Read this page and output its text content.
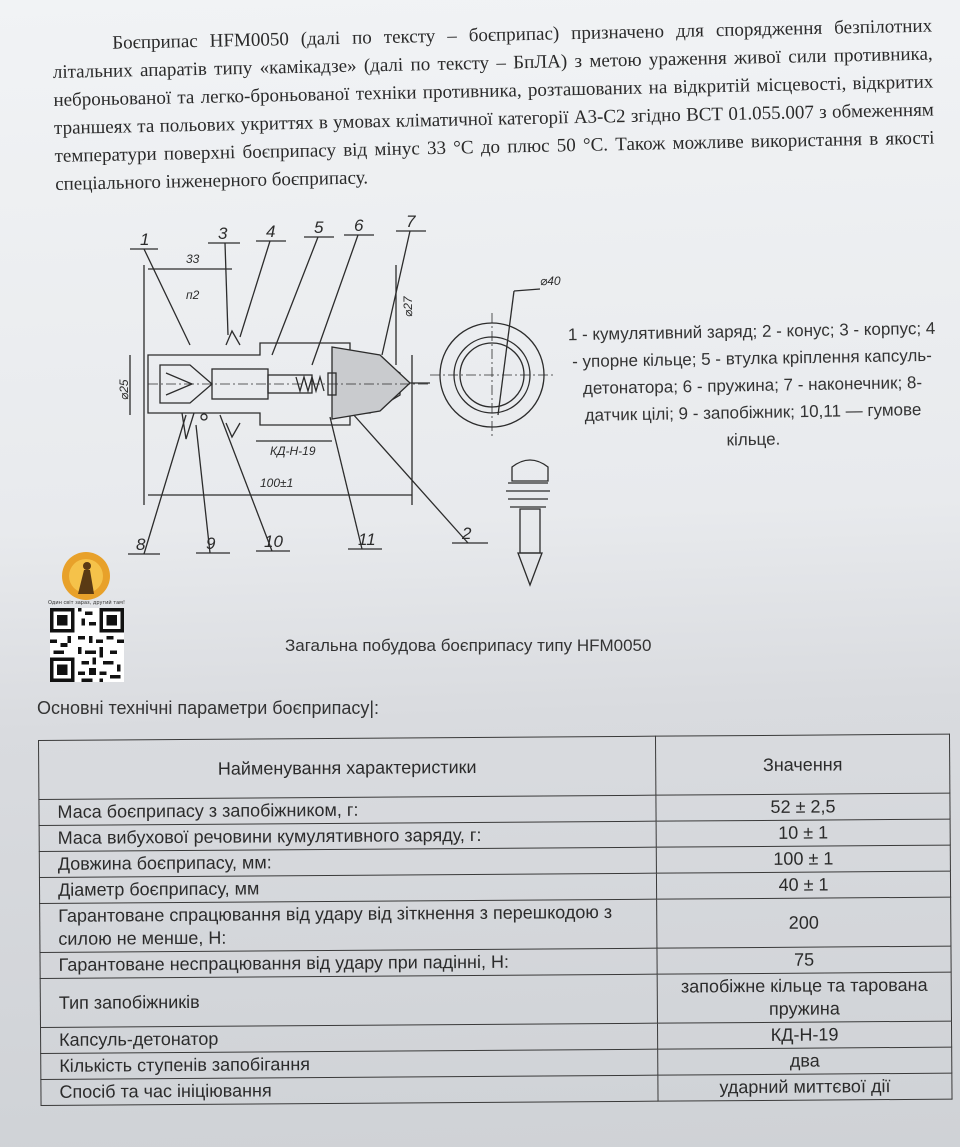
Боєприпас HFM0050 (далі по тексту – боєприпас) призначено для спорядження безпілотних літальних апаратів типу «камікадзе» (далі по тексту – БпЛА) з метою ураження живої сили противника, неброньованої та легко-броньованої техніки противника, розташованих на відкритій місцевості, відкритих траншеях та польових укриттях в умовах кліматичної категорії А3-С2 згідно ВСТ 01.055.007 з обмеженням температури поверхні боєприпасу від мінус 33 °С до плюс 50 °С. Також можливе використання в якості спеціального інженерного боєприпасу.

1	3 4 5 6	7
8	9	10	11	2
33
п2
⌀25
⌀27
⌀40
КД-Н-19
100±1
1 - кумулятивний заряд; 2 - конус; 3 - корпус; 4 - упорне кільце; 5 - втулка кріплення капсуль-детонатора; 6 - пружина; 7 - наконечник; 8- датчик цілі; 9 - запобіжник; 10,11 — гумове кільце.
Один світ зараз, другий там!
Загальна побудова боєприпасу типу HFM0050
Основні технічні параметри боєприпасу|:
Найменування характеристики	Значення
Маса боєприпасу з запобіжником, г:	52 ± 2,5
Маса вибухової речовини кумулятивного заряду, г:	10 ± 1
Довжина боєприпасу, мм:	100 ± 1
Діаметр боєприпасу, мм	40 ± 1
Гарантоване спрацювання від удару від зіткнення з перешкодою з силою не менше, Н:	200
Гарантоване неспрацювання від удару при падінні, Н:	75
Тип запобіжників	запобіжне кільце та тарована пружина
Капсуль-детонатор	КД-Н-19
Кількість ступенів запобігання	два
Спосіб та час ініціювання	ударний миттєвої дії
